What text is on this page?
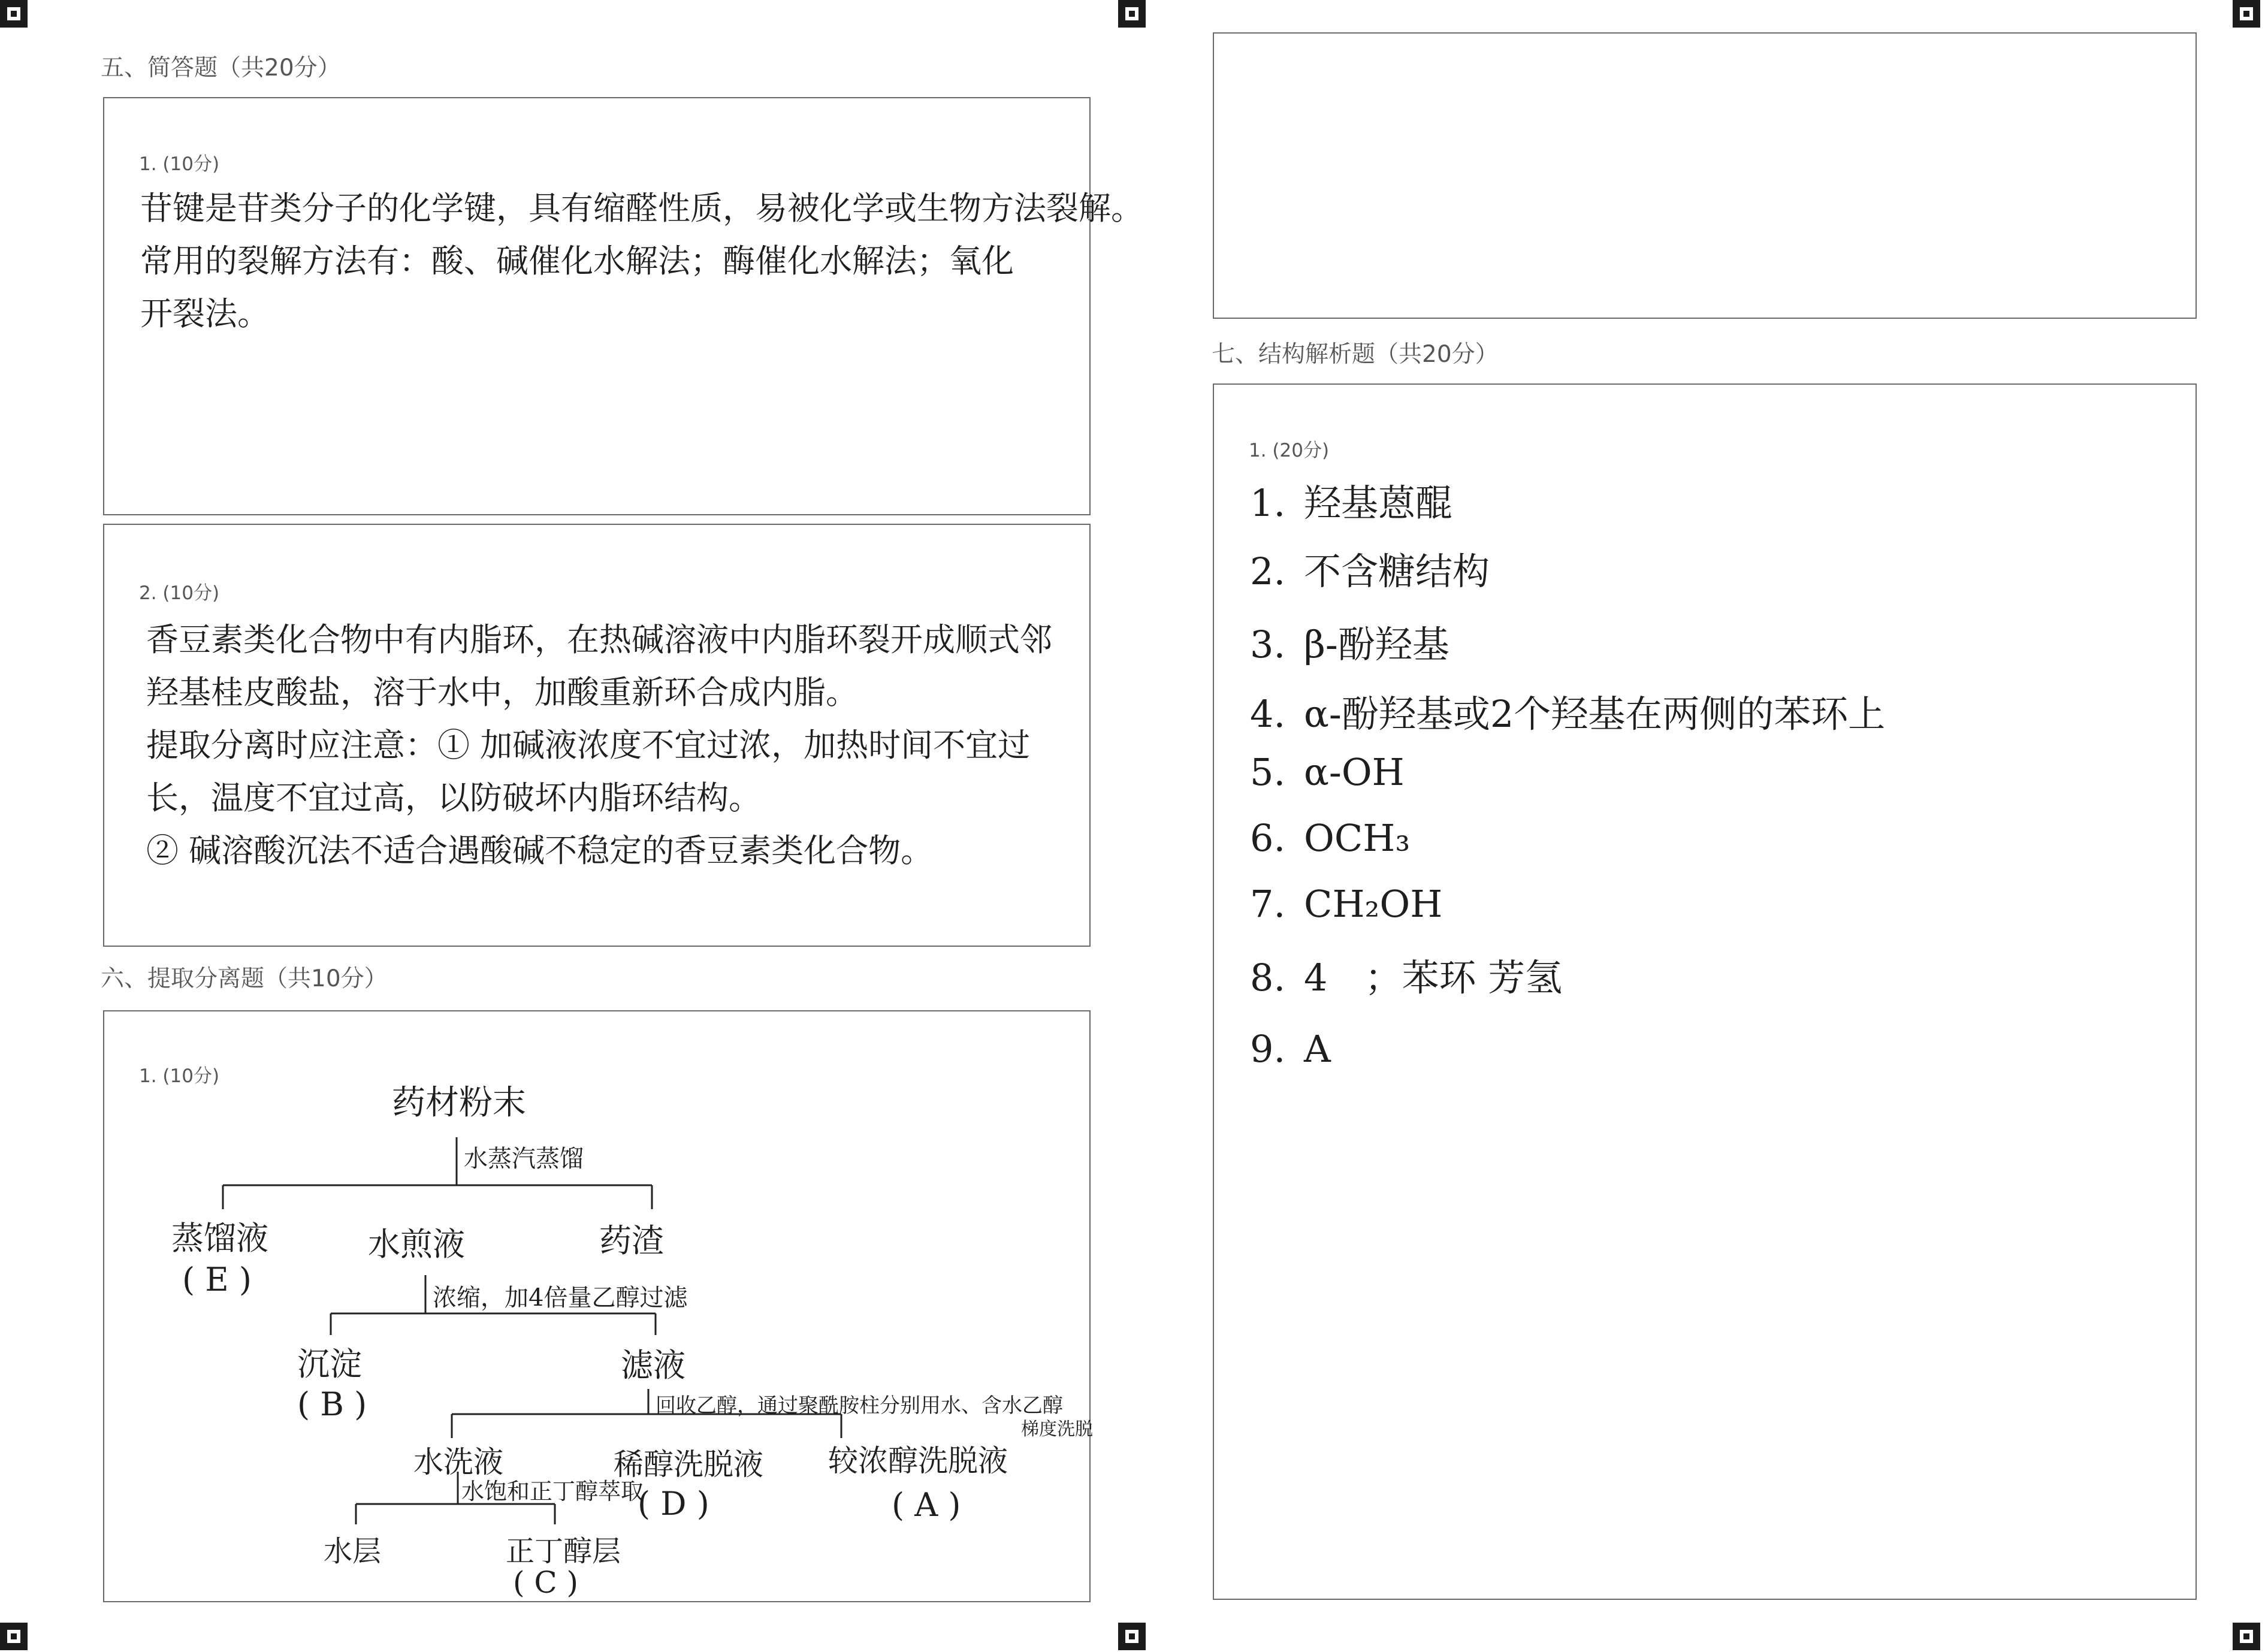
五、简答题（共20分）
1. (10分)

苷键是苷类分子的化学键，具有缩醛性质，易被化学或生物方法裂解。

常用的裂解方法有：酸、碱催化水解法；酶催化水解法；氧化

开裂法。

2. (10分)

香豆素类化合物中有内脂环，在热碱溶液中内脂环裂开成顺式邻

羟基桂皮酸盐，溶于水中，加酸重新环合成内脂。

提取分离时应注意：① 加碱液浓度不宜过浓，加热时间不宜过

长，温度不宜过高，以防破坏内脂环结构。

② 碱溶酸沉法不适合遇酸碱不稳定的香豆素类化合物。

六、提取分离题（共10分）
1. (10分)
药材粉末
水蒸汽蒸馏
蒸馏液
( E )
水煎液	药渣
浓缩，加4倍量乙醇过滤
沉淀
( B )
滤液
回收乙醇，通过聚酰胺柱分别用水、含水乙醇
梯度洗脱
水洗液	稀醇洗脱液
( D )
较浓醇洗脱液
( A )
水饱和正丁醇萃取
水层	正丁醇层
( C )
七、结构解析题（共20分）
1. (20分)
1. 羟基蒽醌
2. 不含糖结构
3. β-酚羟基
4. α-酚羟基或2个羟基在两侧的苯环上
5. α-OH
6. OCH₃
7. CH₂OH
8. 4　；苯环 芳氢
9. A
